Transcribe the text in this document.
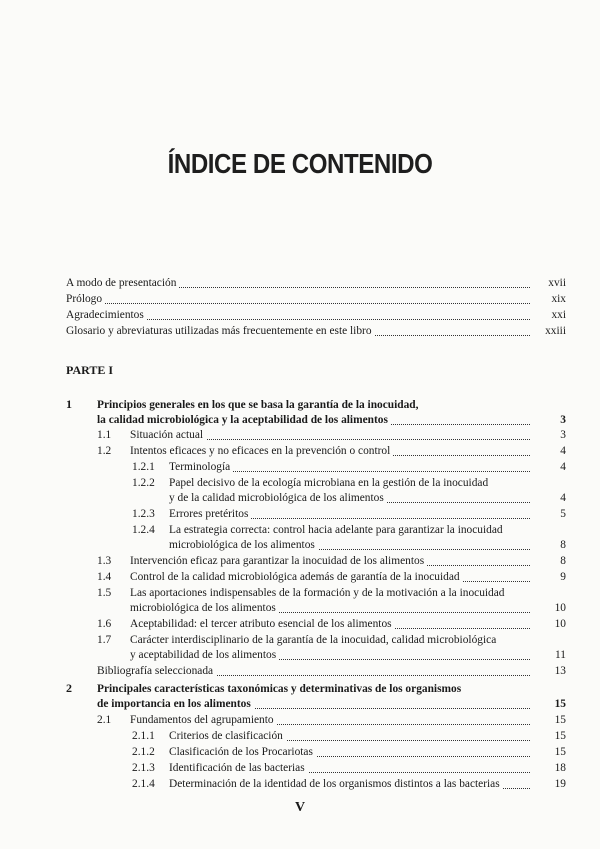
ÍNDICE DE CONTENIDO
A modo de presentación	xvii
Prólogo	xix
Agradecimientos	xxi
Glosario y abreviaturas utilizadas más frecuentemente en este libro	xxiii
PARTE I
1 Principios generales en los que se basa la garantía de la inocuidad,
la calidad microbiológica y la aceptabilidad de los alimentos	3
1.1 Situación actual	3
1.2 Intentos eficaces y no eficaces en la prevención o control	4
1.2.1 Terminología	4
1.2.2 Papel decisivo de la ecología microbiana en la gestión de la inocuidad
y de la calidad microbiológica de los alimentos	4
1.2.3 Errores pretéritos	5
1.2.4 La estrategia correcta: control hacia adelante para garantizar la inocuidad
microbiológica de los alimentos	8
1.3 Intervención eficaz para garantizar la inocuidad de los alimentos	8
1.4 Control de la calidad microbiológica además de garantía de la inocuidad	9
1.5 Las aportaciones indispensables de la formación y de la motivación a la inocuidad
microbiológica de los alimentos	10
1.6 Aceptabilidad: el tercer atributo esencial de los alimentos	10
1.7 Carácter interdisciplinario de la garantía de la inocuidad, calidad microbiológica
y aceptabilidad de los alimentos	11
Bibliografía seleccionada	13
2 Principales características taxonómicas y determinativas de los organismos
de importancia en los alimentos	15
2.1 Fundamentos del agrupamiento	15
2.1.1 Criterios de clasificación	15
2.1.2 Clasificación de los Procariotas	15
2.1.3 Identificación de las bacterias	18
2.1.4 Determinación de la identidad de los organismos distintos a las bacterias	19
V
